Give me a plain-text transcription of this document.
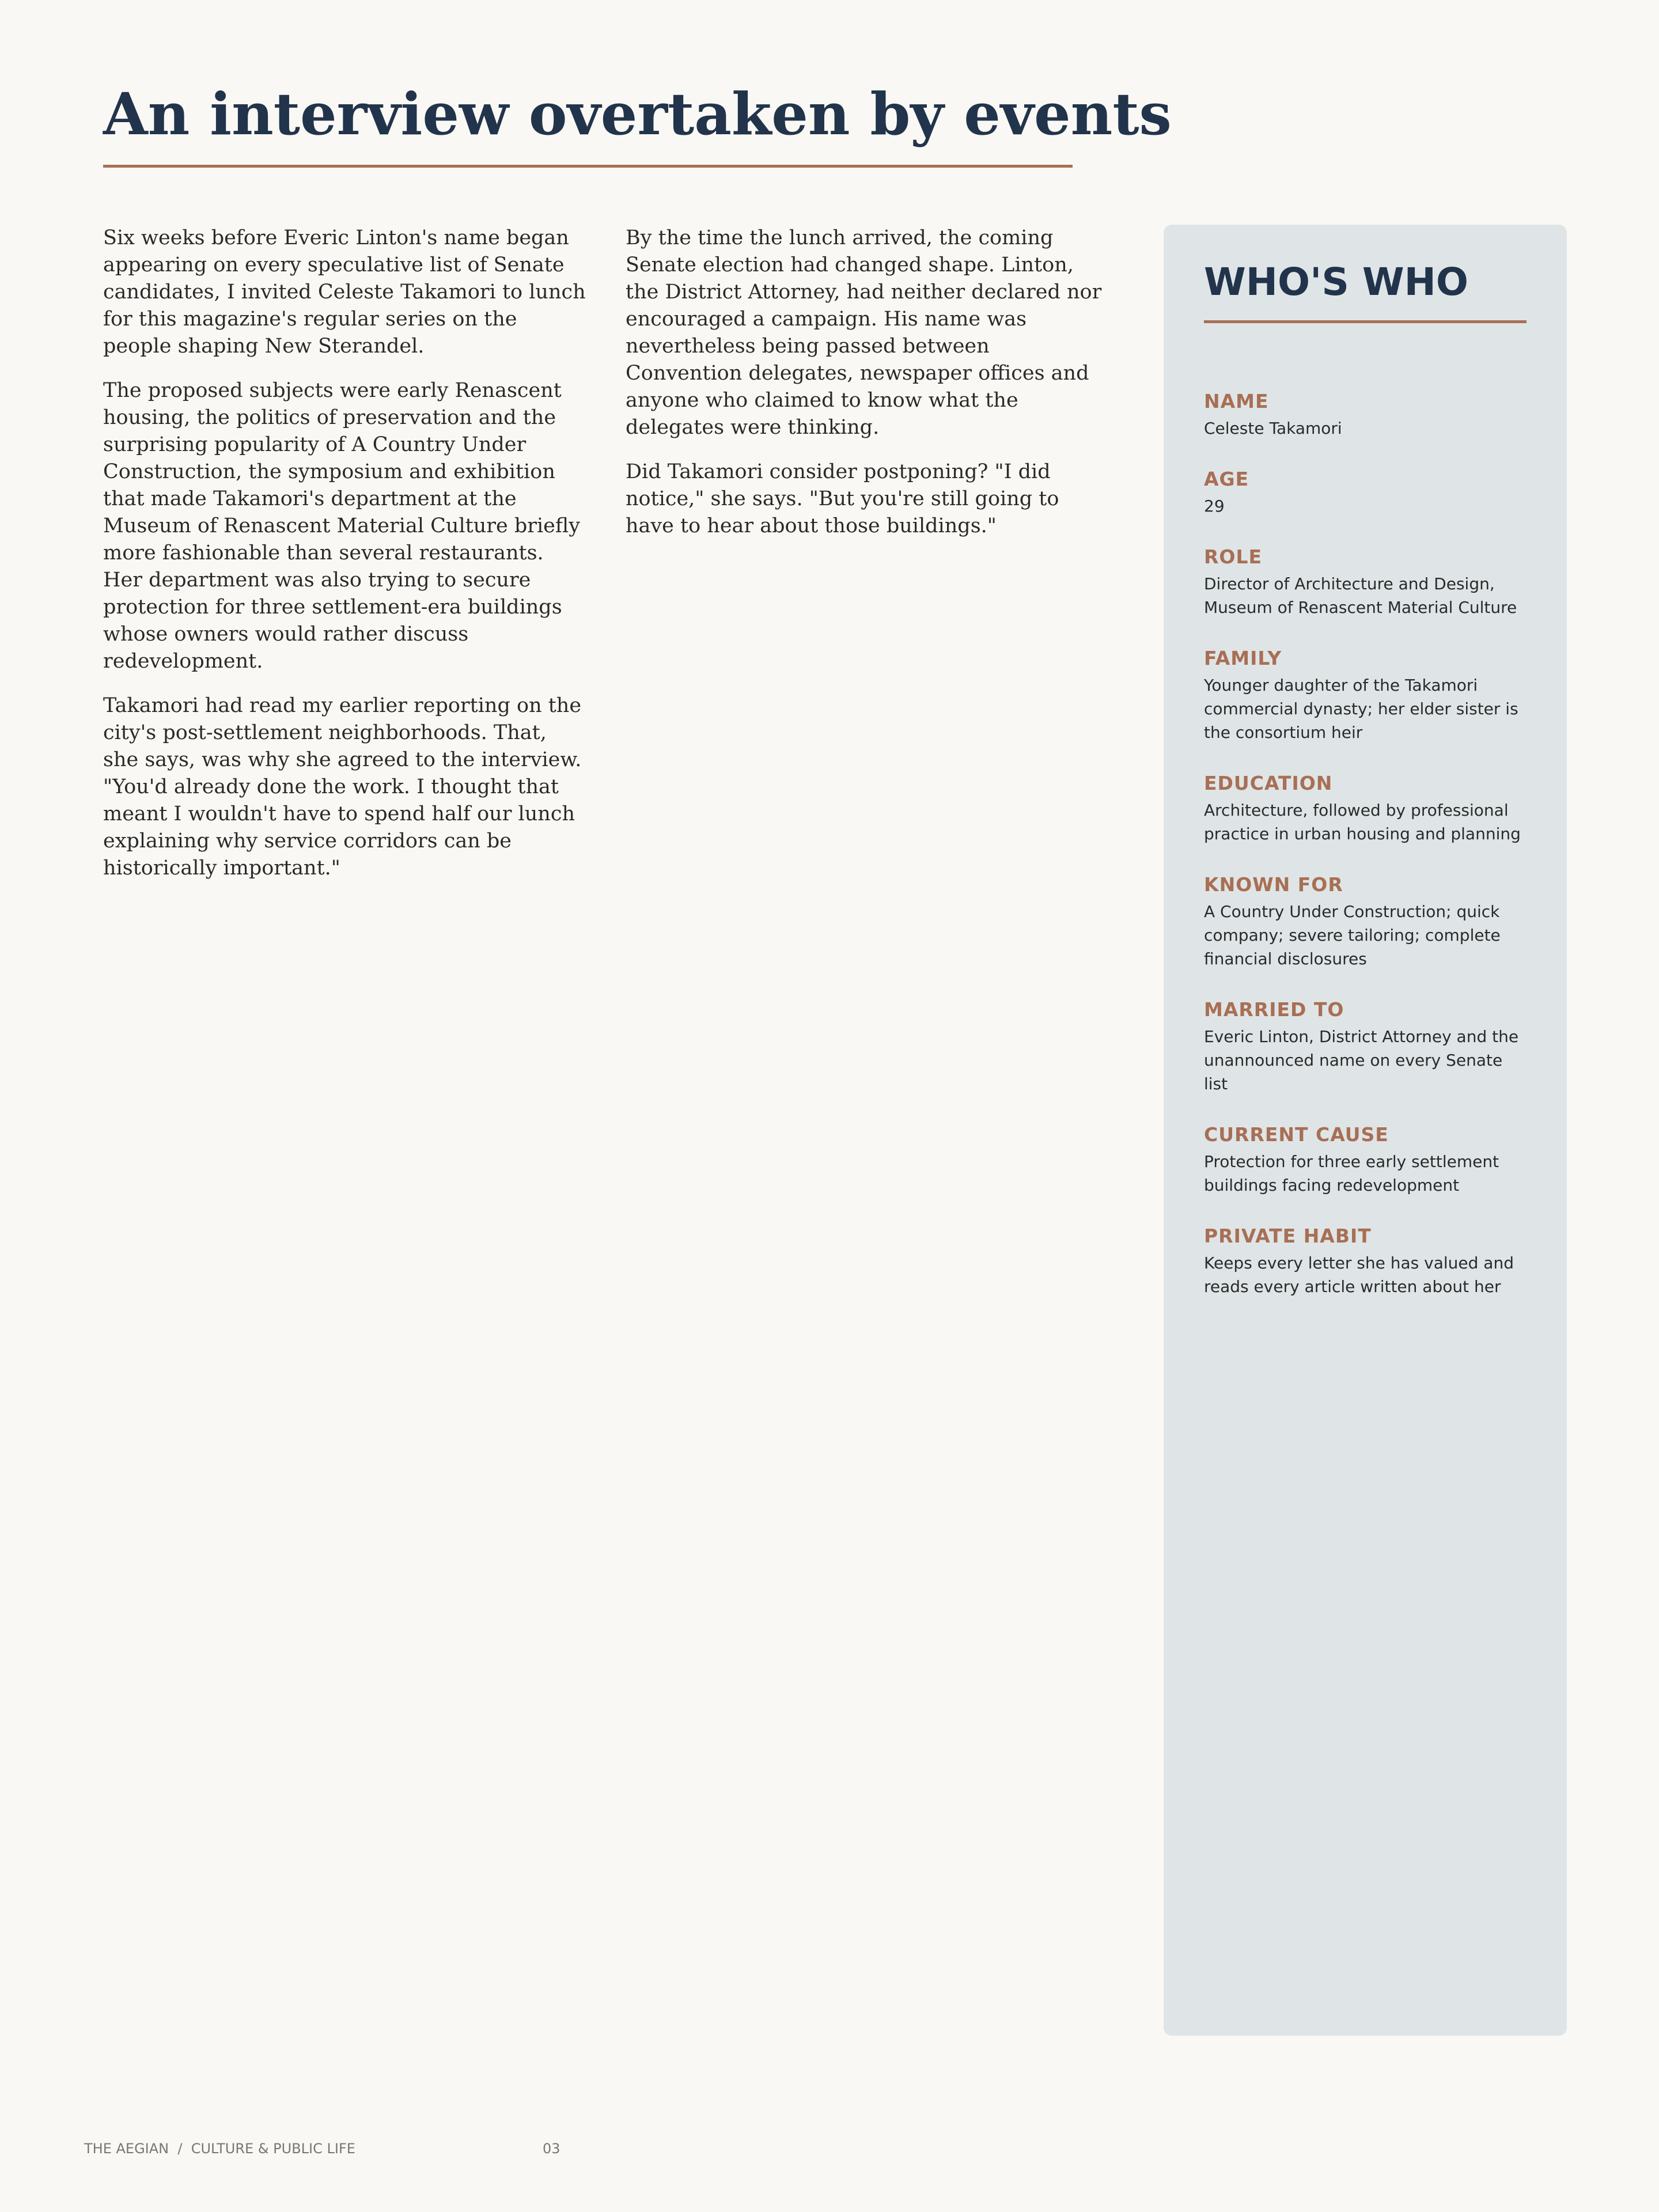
An interview overtaken by events

Six weeks before Everic Linton's name began appearing on every speculative list of Senate candidates, I invited Celeste Takamori to lunch for this magazine's regular series on the people shaping New Sterandel.

The proposed subjects were early Renascent housing, the politics of preservation and the surprising popularity of A Country Under Construction, the symposium and exhibition that made Takamori's department at the Museum of Renascent Material Culture briefly more fashionable than several restaurants. Her department was also trying to secure protection for three settlement-era buildings whose owners would rather discuss redevelopment.

Takamori had read my earlier reporting on the city's post-settlement neighborhoods. That, she says, was why she agreed to the interview. "You'd already done the work. I thought that meant I wouldn't have to spend half our lunch explaining why service corridors can be historically important."

By the time the lunch arrived, the coming Senate election had changed shape. Linton, the District Attorney, had neither declared nor encouraged a campaign. His name was nevertheless being passed between Convention delegates, newspaper offices and anyone who claimed to know what the delegates were thinking.

Did Takamori consider postponing? "I did notice," she says. "But you're still going to have to hear about those buildings."

WHO'S WHO
NAME
Celeste Takamori
AGE
29
ROLE
Director of Architecture and Design, Museum of Renascent Material Culture
FAMILY
Younger daughter of the Takamori commercial dynasty; her elder sister is the consortium heir
EDUCATION
Architecture, followed by professional practice in urban housing and planning
KNOWN FOR
A Country Under Construction; quick company; severe tailoring; complete financial disclosures
MARRIED TO
Everic Linton, District Attorney and the unannounced name on every Senate list
CURRENT CAUSE
Protection for three early settlement buildings facing redevelopment
PRIVATE HABIT
Keeps every letter she has valued and reads every article written about her
THE AEGIAN  /  CULTURE & PUBLIC LIFE	03
